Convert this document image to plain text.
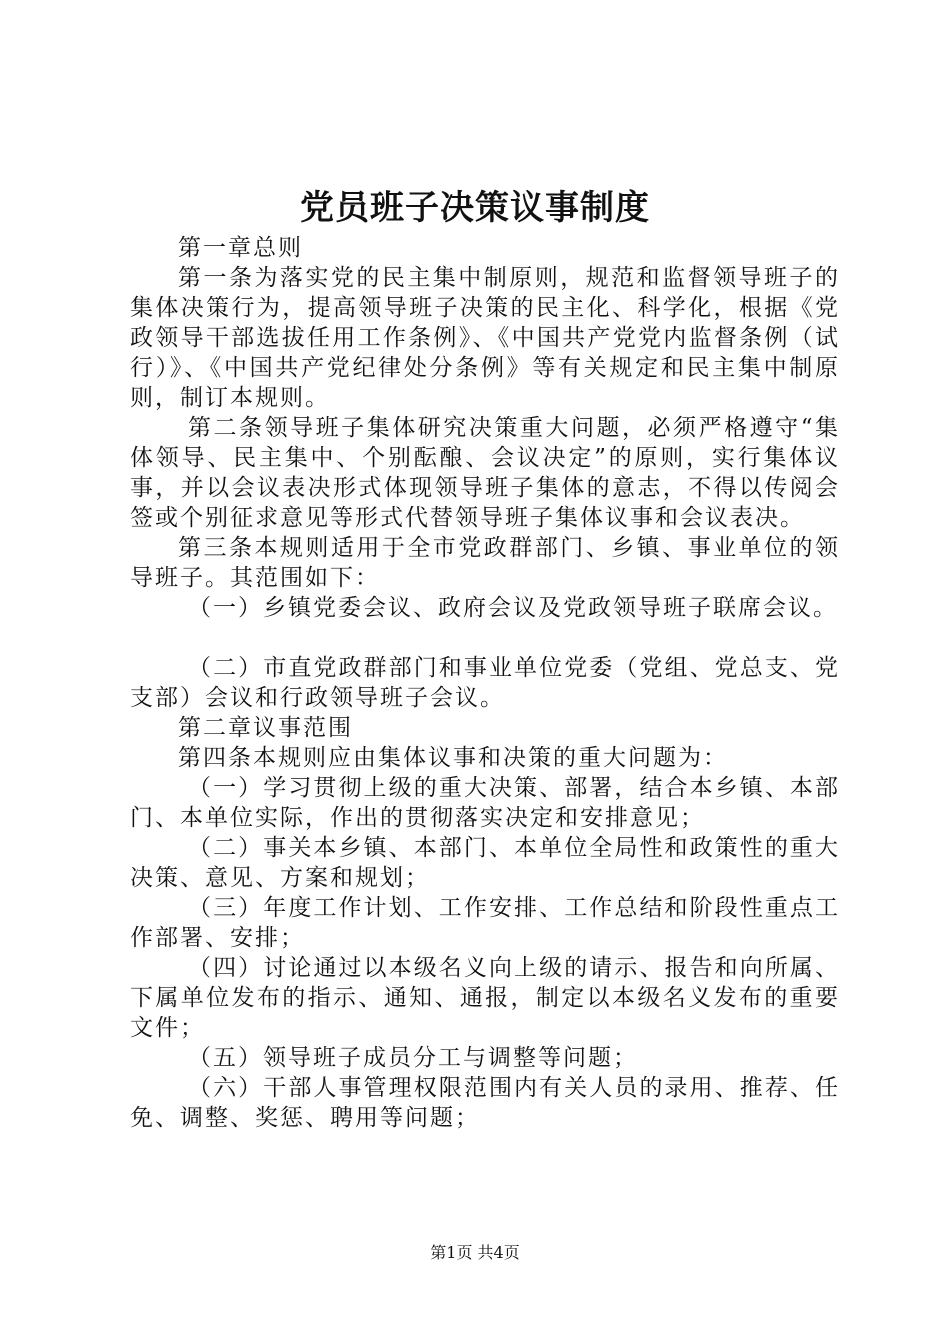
党员班子决策议事制度

第一章总则

第一条为落实党的民主集中制原则，规范和监督领导班子的集体决策行为，提高领导班子决策的民主化、科学化，根据《党政领导干部选拔任用工作条例》、《中国共产党党内监督条例（试行）》、《中国共产党纪律处分条例》等有关规定和民主集中制原则，制订本规则。

第二条领导班子集体研究决策重大问题，必须严格遵守“集体领导、民主集中、个别酝酿、会议决定”的原则，实行集体议事，并以会议表决形式体现领导班子集体的意志，不得以传阅会签或个别征求意见等形式代替领导班子集体议事和会议表决。

第三条本规则适用于全市党政群部门、乡镇、事业单位的领导班子。其范围如下：

（一）乡镇党委会议、政府会议及党政领导班子联席会议。

（二）市直党政群部门和事业单位党委（党组、党总支、党支部）会议和行政领导班子会议。

第二章议事范围

第四条本规则应由集体议事和决策的重大问题为：

（一）学习贯彻上级的重大决策、部署，结合本乡镇、本部门、本单位实际，作出的贯彻落实决定和安排意见；

（二）事关本乡镇、本部门、本单位全局性和政策性的重大决策、意见、方案和规划；

（三）年度工作计划、工作安排、工作总结和阶段性重点工作部署、安排；

（四）讨论通过以本级名义向上级的请示、报告和向所属、下属单位发布的指示、通知、通报，制定以本级名义发布的重要文件；

（五）领导班子成员分工与调整等问题；

（六）干部人事管理权限范围内有关人员的录用、推荐、任免、调整、奖惩、聘用等问题；

第1页 共4页
